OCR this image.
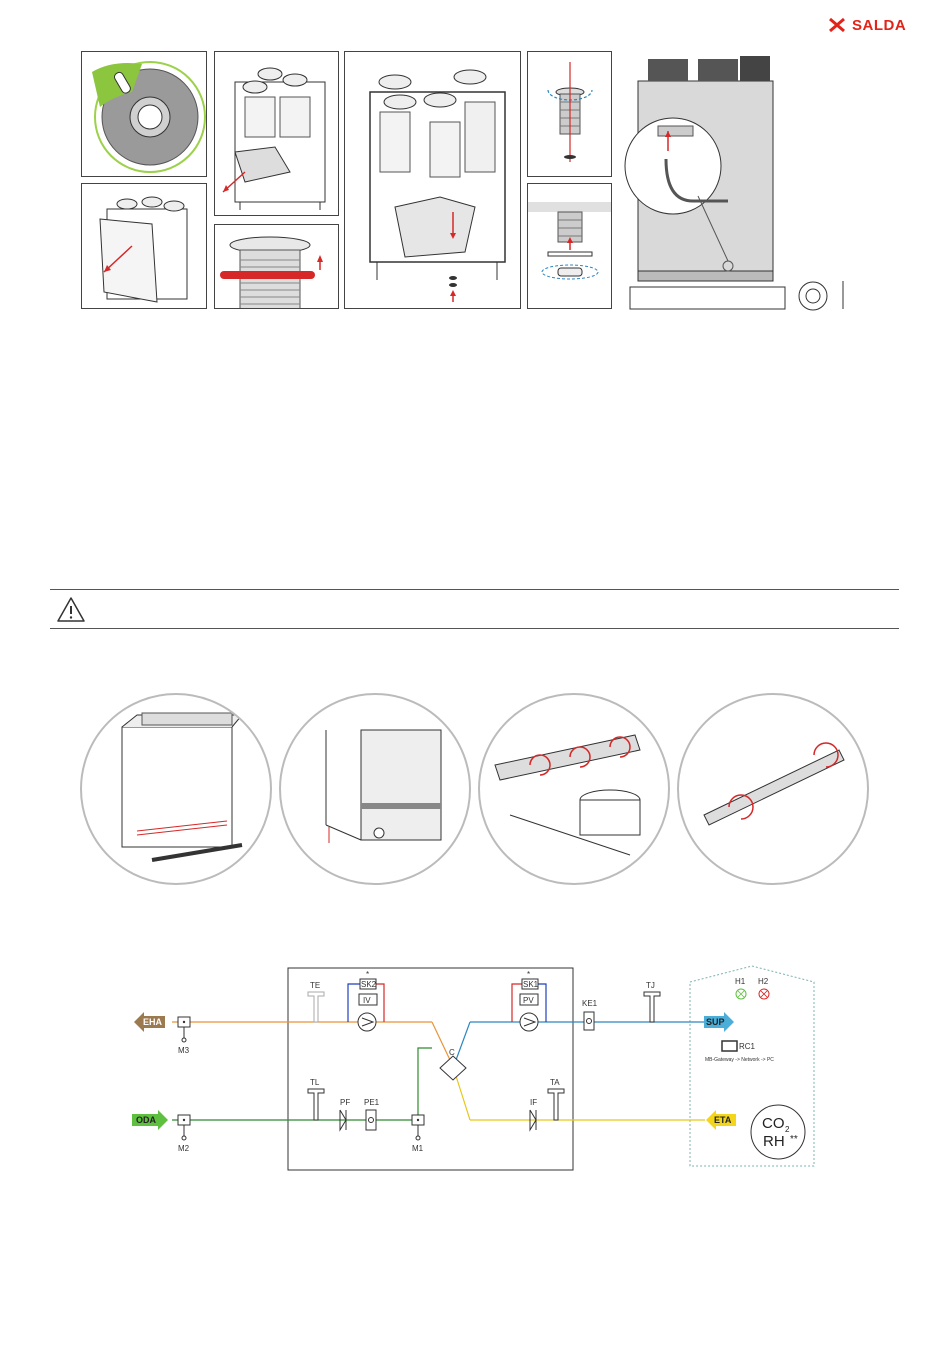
SALDA
C
EHA
ODA
SUP
ETA
M3
M2	M1
TE	TJ
TL	TA
SK2
*
IV
SK1
*
PV	KE1
PF PE1	IF
H1 H2
RC1
MB-Gateway -> Network -> PC
CO 2
RH **
